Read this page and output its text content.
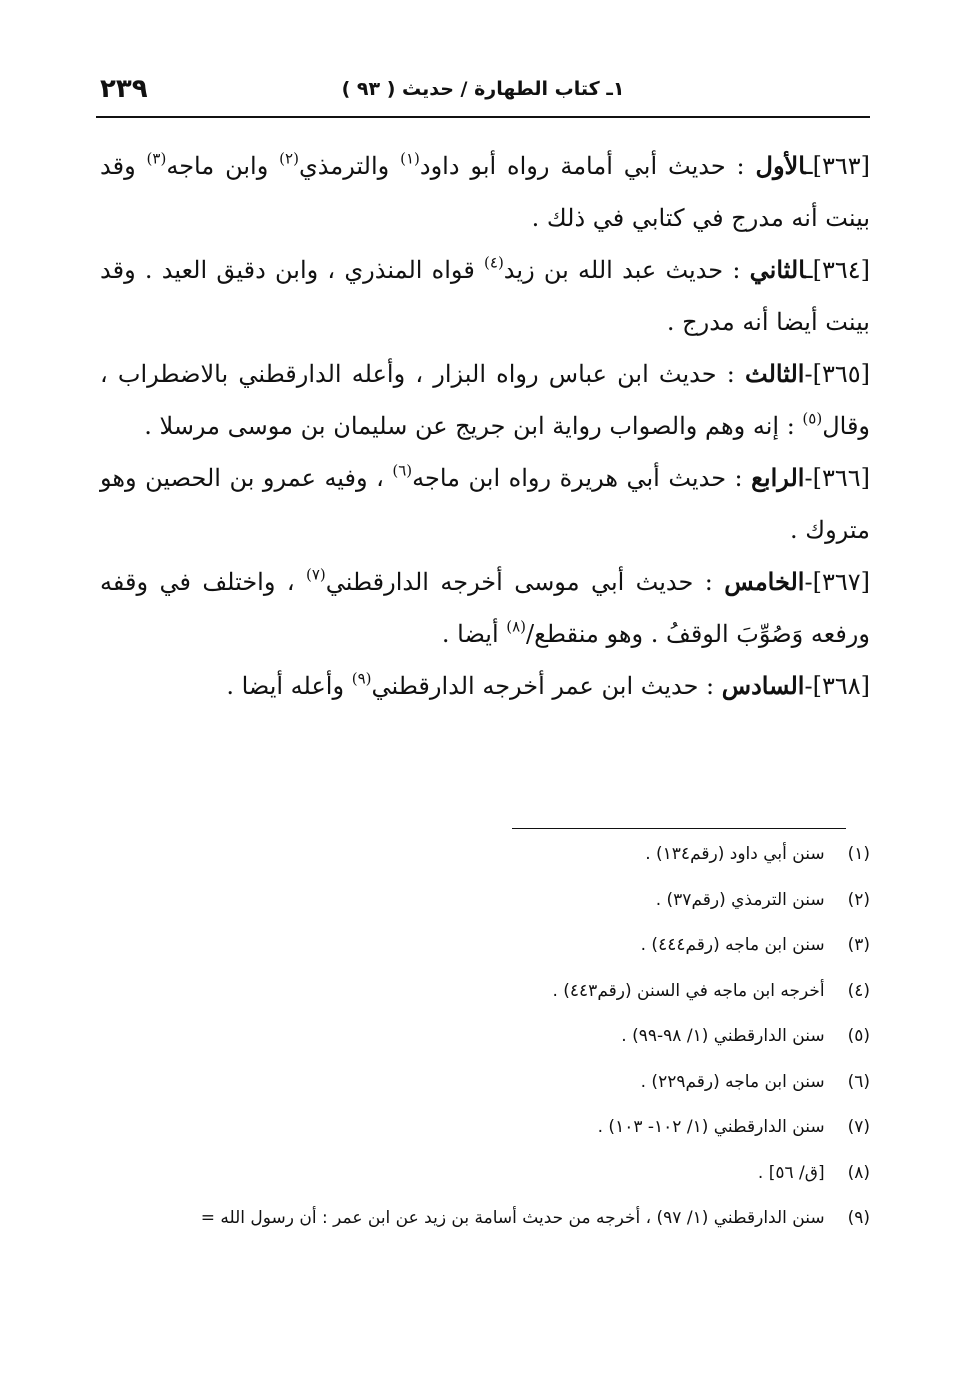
٢٣٩	١ـ كتاب الطهارة / حديث ( ٩٣ )

[٣٦٣]ـالأول : حديث أبي أمامة رواه أبو داود$^{(١)}$ والترمذي$^{(٢)}$ وابن ماجه$^{(٣)}$ وقد بينت أنه مدرج في كتابي في ذلك .

[٣٦٤]ـالثاني : حديث عبد الله بن زيد$^{(٤)}$ قواه المنذري ، وابن دقيق العيد . وقد بينت أيضا أنه مدرج .

[٣٦٥]-الثالث : حديث ابن عباس رواه البزار ، وأعله الدارقطني بالاضطراب ، وقال$^{(٥)}$ : إنه وهم والصواب رواية ابن جريج عن سليمان بن موسى مرسلا .

[٣٦٦]-الرابع : حديث أبي هريرة رواه ابن ماجه$^{(٦)}$ ، وفيه عمرو بن الحصين وهو متروك .

[٣٦٧]-الخامس : حديث أبي موسى أخرجه الدارقطني$^{(٧)}$ ، واختلف في وقفه ورفعه وَصُوِّبَ الوقفُ . وهو منقطع/$^{(٨)}$ أيضا .

[٣٦٨]-السادس : حديث ابن عمر أخرجه الدارقطني$^{(٩)}$ وأعله أيضا .

(١) سنن أبي داود (رقم١٣٤) .
(٢) سنن الترمذي (رقم٣٧) .
(٣) سنن ابن ماجه (رقم٤٤٤) .
(٤) أخرجه ابن ماجه في السنن (رقم٤٤٣) .
(٥) سنن الدارقطني (١/ ٩٨-٩٩) .
(٦) سنن ابن ماجه (رقم٢٢٩) .
(٧) سنن الدارقطني (١/ ١٠٢- ١٠٣) .
(٨) [ق/ ٥٦] .
(٩) سنن الدارقطني (١/ ٩٧) ، أخرجه من حديث أسامة بن زيد عن ابن عمر : أن رسول الله =
